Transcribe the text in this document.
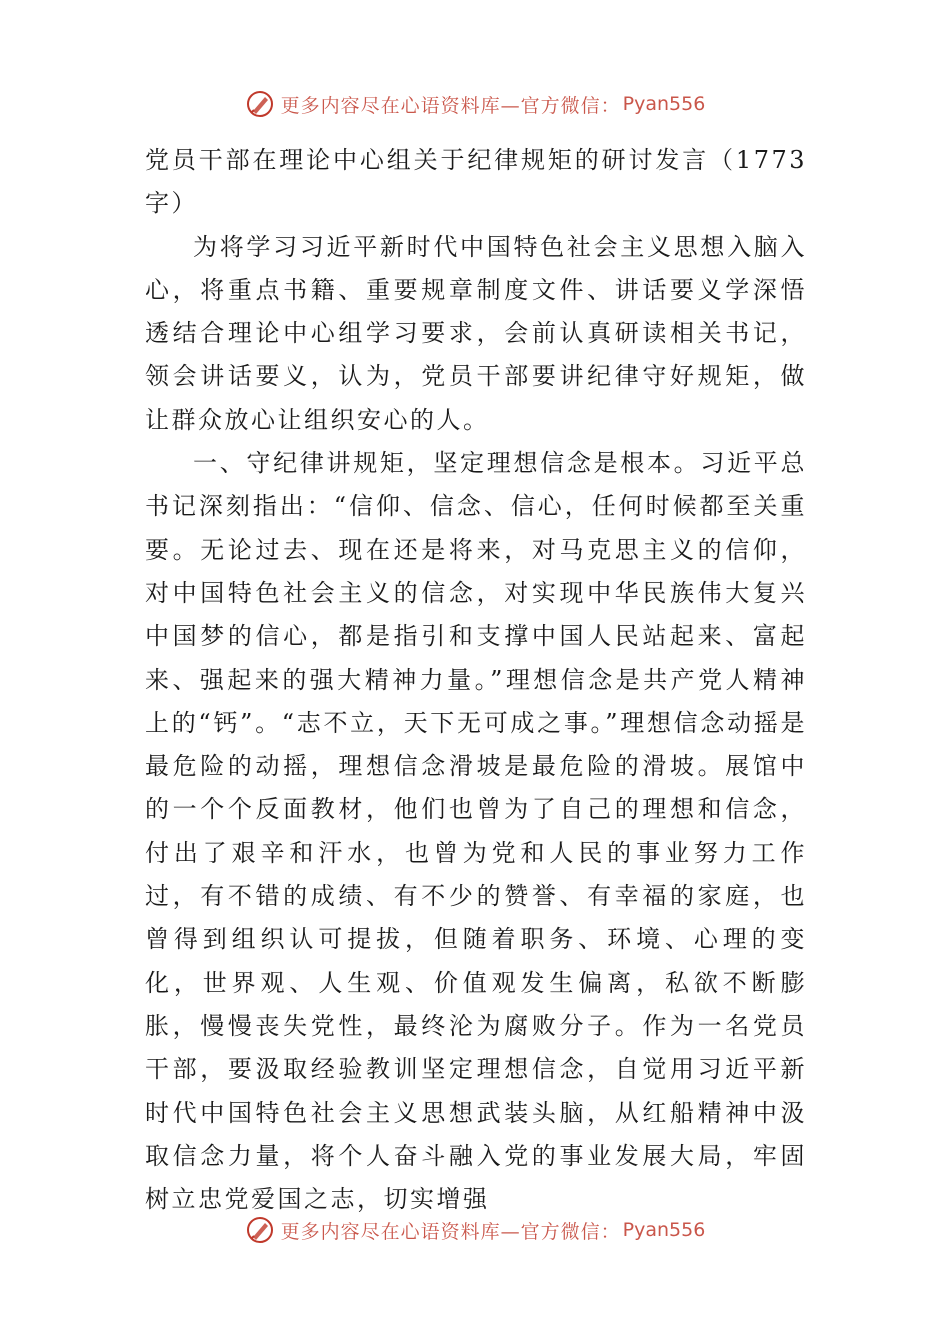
更多内容尽在心语资料库—官方微信： Pyan556

党员干部在理论中心组关于纪律规矩的研讨发言（1773字）

为将学习习近平新时代中国特色社会主义思想入脑入心，将重点书籍、重要规章制度文件、讲话要义学深悟透结合理论中心组学习要求，会前认真研读相关书记，领会讲话要义，认为，党员干部要讲纪律守好规矩，做让群众放心让组织安心的人。

一、守纪律讲规矩，坚定理想信念是根本。习近平总书记深刻指出：“信仰、信念、信心，任何时候都至关重要。无论过去、现在还是将来，对马克思主义的信仰，对中国特色社会主义的信念，对实现中华民族伟大复兴中国梦的信心，都是指引和支撑中国人民站起来、富起来、强起来的强大精神力量。”理想信念是共产党人精神上的“钙”。“志不立，天下无可成之事。”理想信念动摇是最危险的动摇，理想信念滑坡是最危险的滑坡。展馆中的一个个反面教材，他们也曾为了自己的理想和信念，付出了艰辛和汗水，也曾为党和人民的事业努力工作过，有不错的成绩、有不少的赞誉、有幸福的家庭，也曾得到组织认可提拔，但随着职务、环境、心理的变化，世界观、人生观、价值观发生偏离，私欲不断膨胀，慢慢丧失党性，最终沦为腐败分子。作为一名党员干部，要汲取经验教训坚定理想信念，自觉用习近平新时代中国特色社会主义思想武装头脑，从红船精神中汲取信念力量，将个人奋斗融入党的事业发展大局，牢固树立忠党爱国之志，切实增强

更多内容尽在心语资料库—官方微信： Pyan556
